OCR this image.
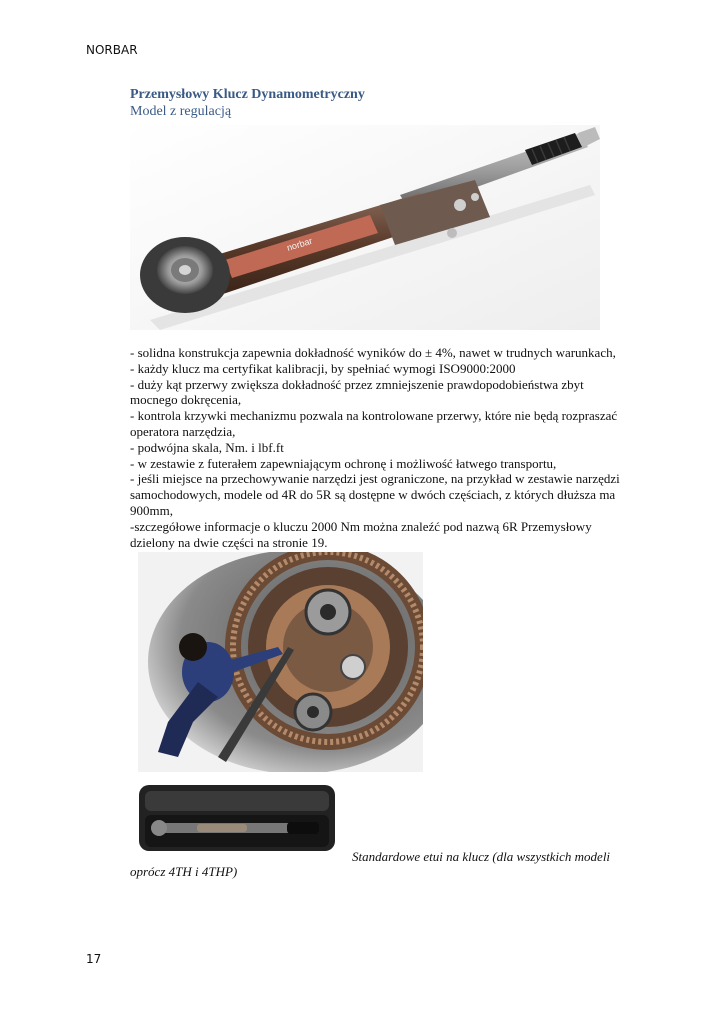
NORBAR
Przemysłowy Klucz Dynamometryczny
Model z regulacją
norbar
- solidna konstrukcja zapewnia dokładność wyników do ± 4%, nawet w trudnych warunkach,
- każdy klucz ma certyfikat kalibracji, by spełniać wymogi ISO9000:2000
- duży kąt przerwy zwiększa dokładność przez zmniejszenie prawdopodobieństwa zbyt mocnego dokręcenia,
- kontrola krzywki mechanizmu pozwala na kontrolowane przerwy, które nie będą rozpraszać operatora narzędzia,
- podwójna skala, Nm. i lbf.ft
- w zestawie z futerałem zapewniającym ochronę i możliwość łatwego transportu,
- jeśli miejsce na przechowywanie narzędzi jest ograniczone, na przykład w zestawie narzędzi samochodowych, modele od 4R do 5R są dostępne w dwóch częściach, z których dłuższa ma 900mm,
-szczegółowe informacje o kluczu 2000 Nm można znaleźć pod nazwą 6R Przemysłowy dzielony na dwie części na stronie 19.
Standardowe etui na klucz (dla wszystkich modeli
oprócz 4TH i 4THP)
17
